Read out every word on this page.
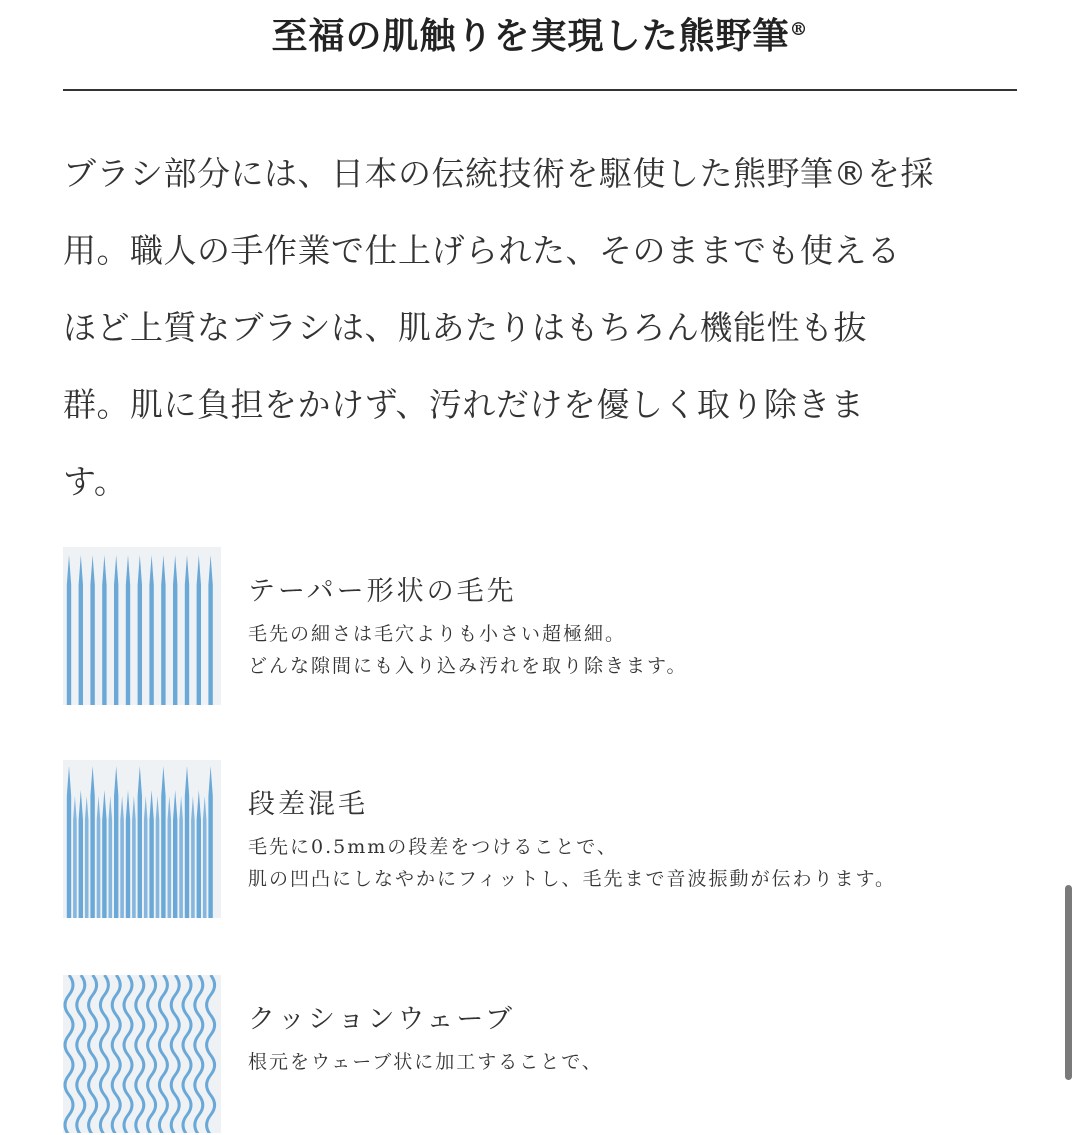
至福の肌触りを実現した熊野筆®
ブラシ部分には、日本の伝統技術を駆使した熊野筆®を採
用。職人の手作業で仕上げられた、そのままでも使える
ほど上質なブラシは、肌あたりはもちろん機能性も抜
群。肌に負担をかけず、汚れだけを優しく取り除きま
す。
テーパー形状の毛先
毛先の細さは毛穴よりも小さい超極細。
どんな隙間にも入り込み汚れを取り除きます。
段差混毛
毛先に0.5mmの段差をつけることで、
肌の凹凸にしなやかにフィットし、毛先まで音波振動が伝わります。
クッションウェーブ
根元をウェーブ状に加工することで、
